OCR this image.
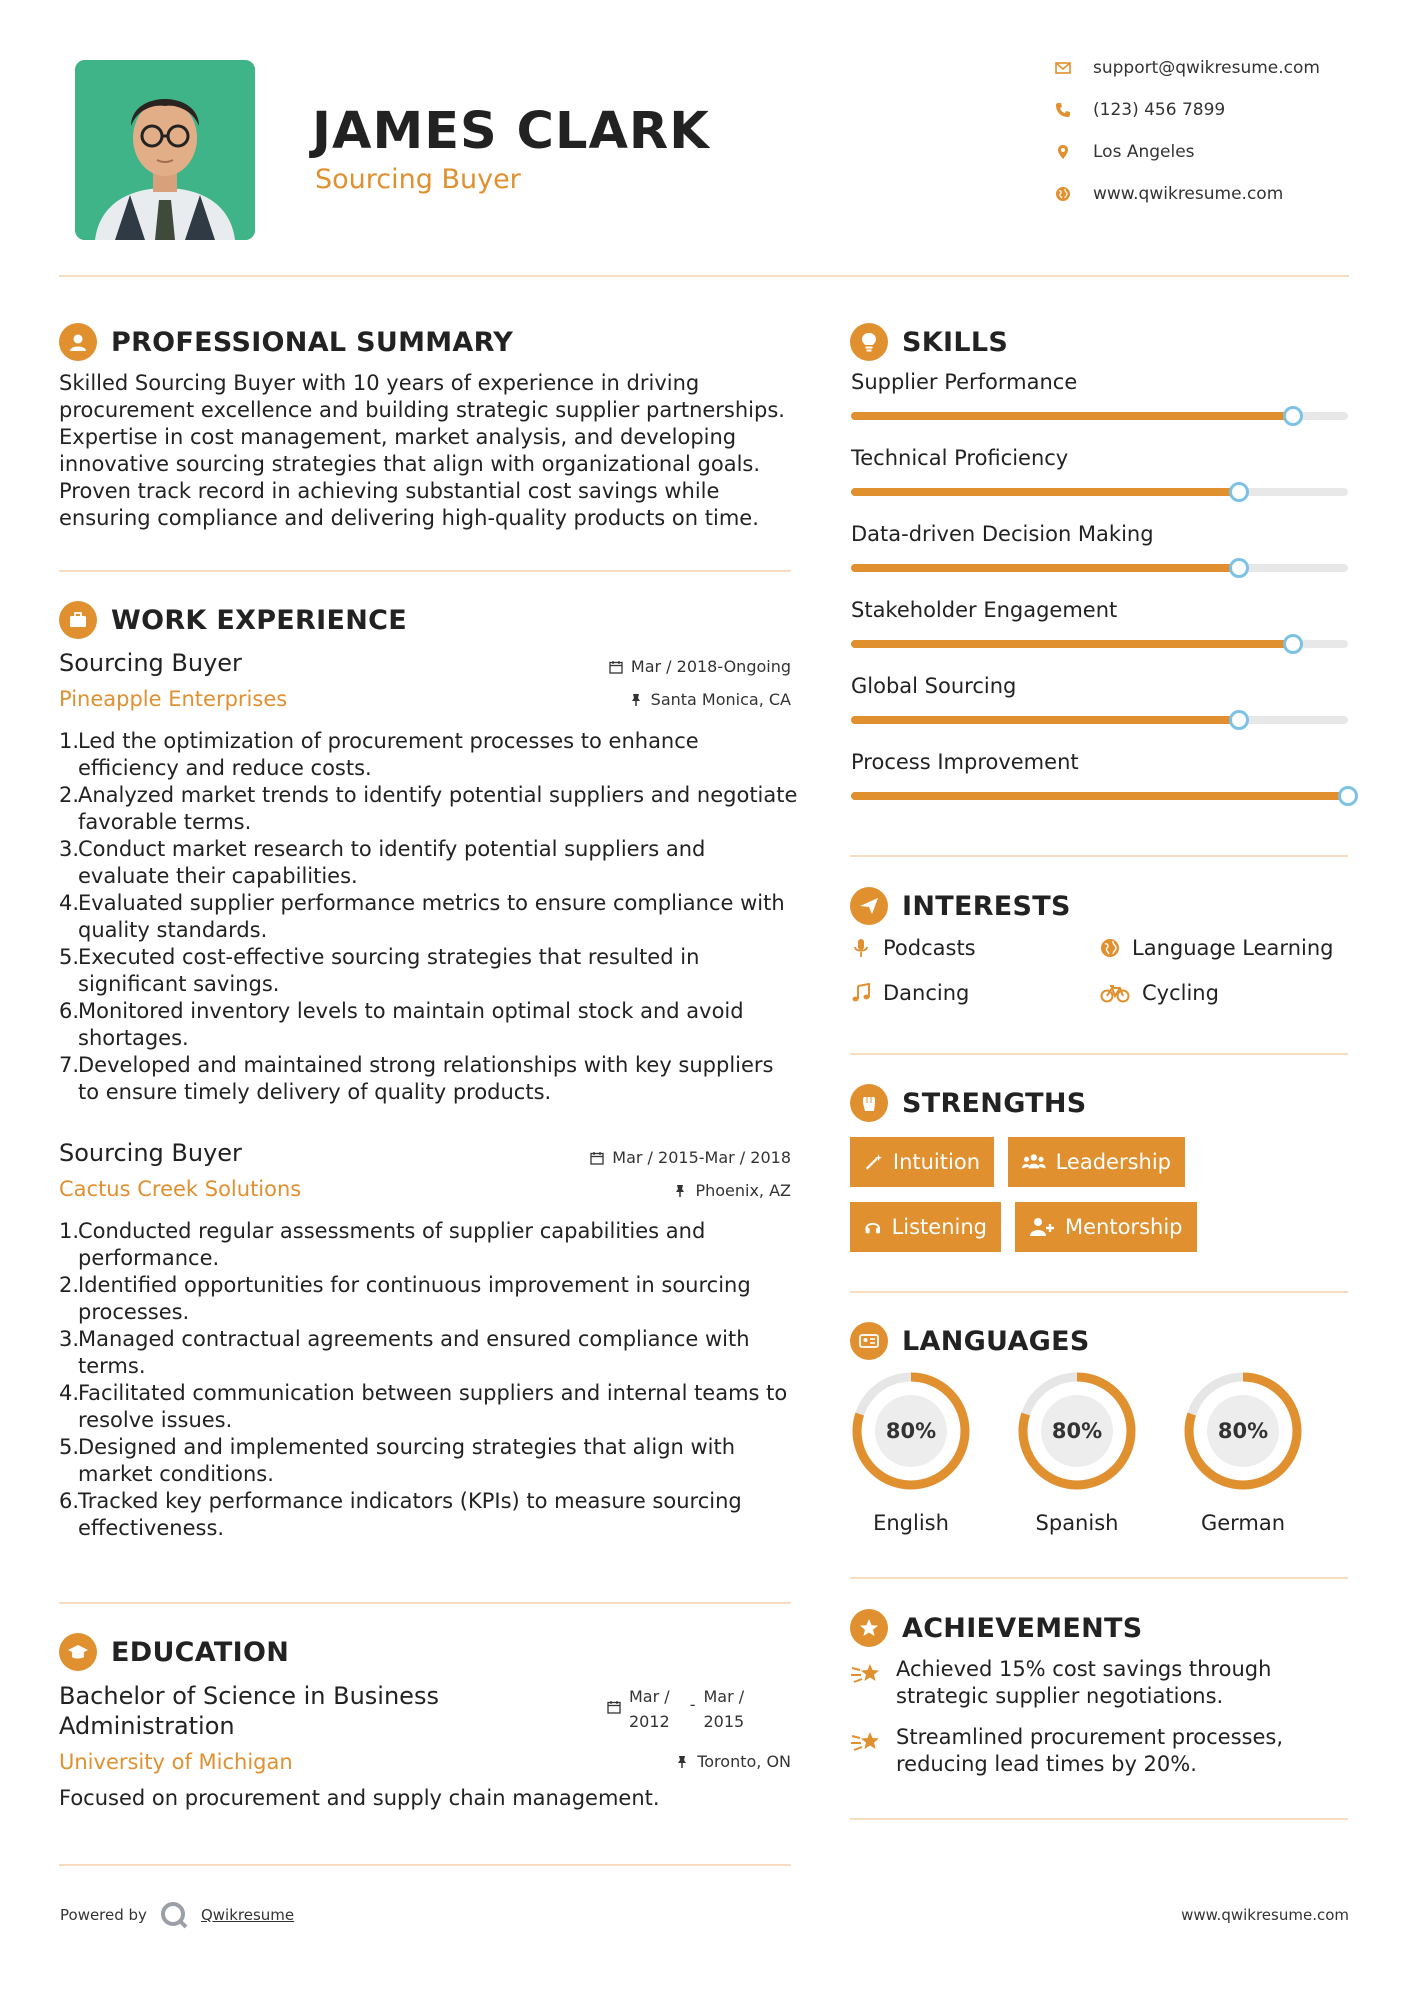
JAMES CLARK
Sourcing Buyer
support@qwikresume.com
(123) 456 7899
Los Angeles
www.qwikresume.com
PROFESSIONAL SUMMARY
Skilled Sourcing Buyer with 10 years of experience in driving
procurement excellence and building strategic supplier partnerships.
Expertise in cost management, market analysis, and developing
innovative sourcing strategies that align with organizational goals.
Proven track record in achieving substantial cost savings while
ensuring compliance and delivering high-quality products on time.
WORK EXPERIENCE
Sourcing Buyer
Pineapple Enterprises
Mar / 2018-Ongoing
Santa Monica, CA
1.
Led the optimization of procurement processes to enhance
efficiency and reduce costs.
2.
Analyzed market trends to identify potential suppliers and negotiate
favorable terms.
3.
Conduct market research to identify potential suppliers and
evaluate their capabilities.
4.
Evaluated supplier performance metrics to ensure compliance with
quality standards.
5.
Executed cost-effective sourcing strategies that resulted in
significant savings.
6.
Monitored inventory levels to maintain optimal stock and avoid
shortages.
7.
Developed and maintained strong relationships with key suppliers
to ensure timely delivery of quality products.
Sourcing Buyer
Cactus Creek Solutions
Mar / 2015-Mar / 2018
Phoenix, AZ
1.
Conducted regular assessments of supplier capabilities and
performance.
2.
Identified opportunities for continuous improvement in sourcing
processes.
3.
Managed contractual agreements and ensured compliance with
terms.
4.
Facilitated communication between suppliers and internal teams to
resolve issues.
5.
Designed and implemented sourcing strategies that align with
market conditions.
6.
Tracked key performance indicators (KPIs) to measure sourcing
effectiveness.
EDUCATION
Bachelor of Science in Business
Administration
University of Michigan
Mar /
2012
- Mar /
2015
Toronto, ON
Focused on procurement and supply chain management.
SKILLS
Supplier Performance
Technical Proficiency
Data-driven Decision Making
Stakeholder Engagement
Global Sourcing
Process Improvement
INTERESTS
Podcasts	Language Learning
Dancing	Cycling
STRENGTHS
Intuition	Leadership
Listening	Mentorship
LANGUAGES
80%
English
80%
Spanish
80%
German
ACHIEVEMENTS
Achieved 15% cost savings through
strategic supplier negotiations.
Streamlined procurement processes,
reducing lead times by 20%.
Powered by	Qwikresume	www.qwikresume.com
